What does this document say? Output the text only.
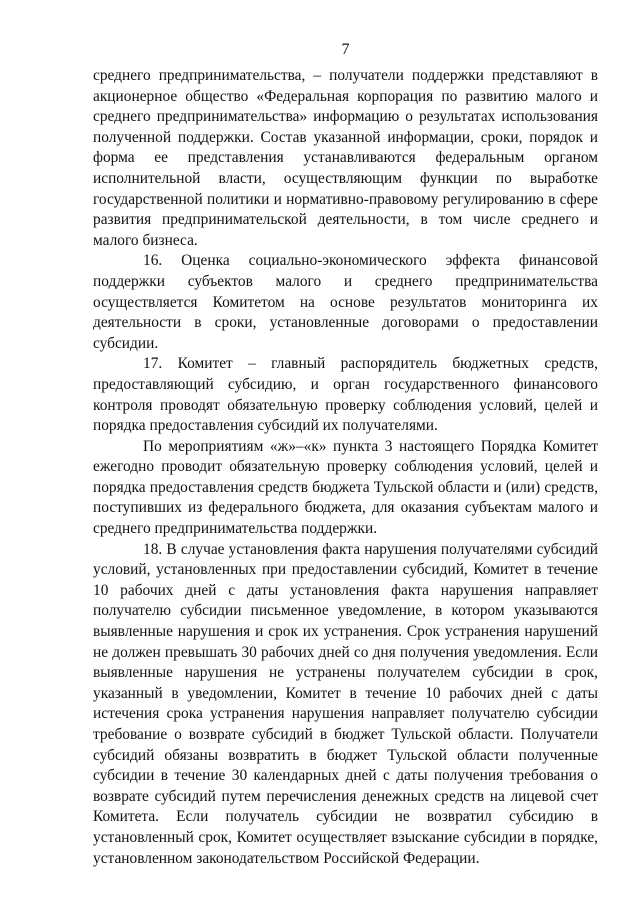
7

среднего предпринимательства, – получатели поддержки представляют в акционерное общество «Федеральная корпорация по развитию малого и среднего предпринимательства» информацию о результатах использования полученной поддержки. Состав указанной информации, сроки, порядок и форма ее представления устанавливаются федеральным органом исполнительной власти, осуществляющим функции по выработке государственной политики и нормативно-правовому регулированию в сфере развития предпринимательской деятельности, в том числе среднего и малого бизнеса.

16. Оценка социально-экономического эффекта финансовой поддержки субъектов малого и среднего предпринимательства осуществляется Комитетом на основе результатов мониторинга их деятельности в сроки, установленные договорами о предоставлении субсидии.

17. Комитет – главный распорядитель бюджетных средств, предоставляющий субсидию, и орган государственного финансового контроля проводят обязательную проверку соблюдения условий, целей и порядка предоставления субсидий их получателями.

По мероприятиям «ж»–«к» пункта 3 настоящего Порядка Комитет ежегодно проводит обязательную проверку соблюдения условий, целей и порядка предоставления средств бюджета Тульской области и (или) средств, поступивших из федерального бюджета, для оказания субъектам малого и среднего предпринимательства поддержки.

18. В случае установления факта нарушения получателями субсидий условий, установленных при предоставлении субсидий, Комитет в течение 10 рабочих дней с даты установления факта нарушения направляет получателю субсидии письменное уведомление, в котором указываются выявленные нарушения и срок их устранения. Срок устранения нарушений не должен превышать 30 рабочих дней со дня получения уведомления. Если выявленные нарушения не устранены получателем субсидии в срок, указанный в уведомлении, Комитет в течение 10 рабочих дней с даты истечения срока устранения нарушения направляет получателю субсидии требование о возврате субсидий в бюджет Тульской области. Получатели субсидий обязаны возвратить в бюджет Тульской области полученные субсидии в течение 30 календарных дней с даты получения требования о возврате субсидий путем перечисления денежных средств на лицевой счет Комитета. Если получатель субсидии не возвратил субсидию в установленный срок, Комитет осуществляет взыскание субсидии в порядке, установленном законодательством Российской Федерации.
